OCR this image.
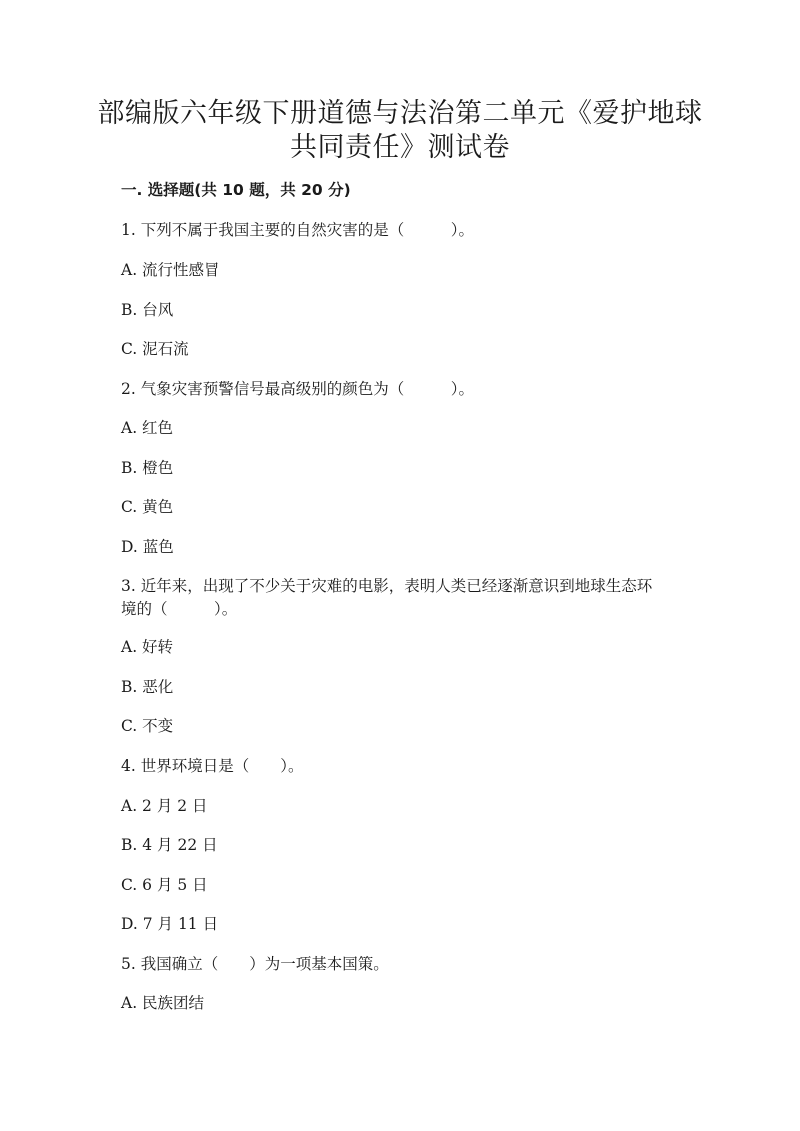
部编版六年级下册道德与法治第二单元《爱护地球
共同责任》测试卷
一. 选择题(共 10 题，共 20 分)
1. 下列不属于我国主要的自然灾害的是（　　　）。
A. 流行性感冒
B. 台风
C. 泥石流
2. 气象灾害预警信号最高级别的颜色为（　　　）。
A. 红色
B. 橙色
C. 黄色
D. 蓝色
3. 近年来，出现了不少关于灾难的电影，表明人类已经逐渐意识到地球生态环
境的（　　　）。
A. 好转
B. 恶化
C. 不变
4. 世界环境日是（　　）。
A. 2 月 2 日
B. 4 月 22 日
C. 6 月 5 日
D. 7 月 11 日
5. 我国确立（　　）为一项基本国策。
A. 民族团结
